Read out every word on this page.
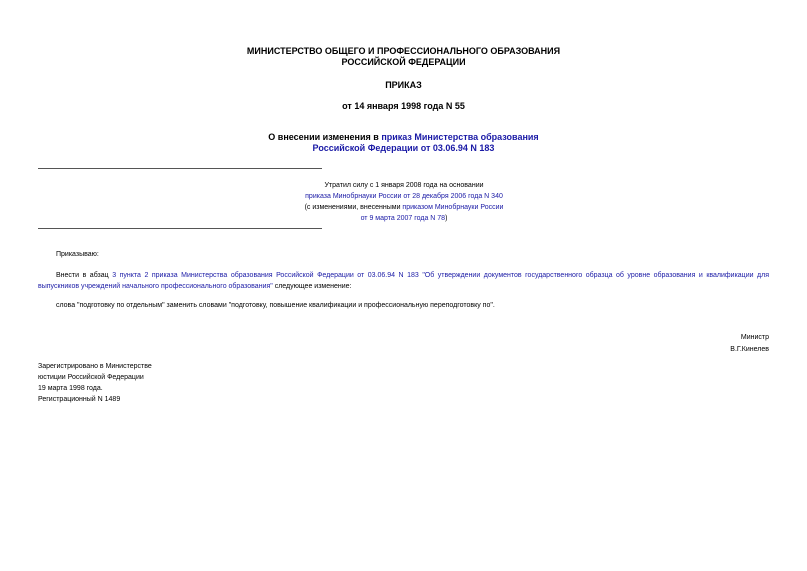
МИНИСТЕРСТВО ОБЩЕГО И ПРОФЕССИОНАЛЬНОГО ОБРАЗОВАНИЯ
РОССИЙСКОЙ ФЕДЕРАЦИИ
ПРИКАЗ
от 14 января 1998 года N 55
О внесении изменения в приказ Министерства образования
Российской Федерации от 03.06.94 N 183
Утратил силу с 1 января 2008 года на основании
приказа Минобрнауки России от 28 декабря 2006 года N 340
(с изменениями, внесенными приказом Минобрнауки России
от 9 марта 2007 года N 78)
Приказываю:
Внести в абзац 3 пункта 2 приказа Министерства образования Российской Федерации от 03.06.94 N 183 "Об утверждении документов государственного образца об уровне образования и квалификации для выпускников учреждений начального профессионального образования" следующее изменение:
слова "подготовку по отдельным" заменить словами "подготовку, повышение квалификации и профессиональную переподготовку по".
Министр
В.Г.Кинелев
Зарегистрировано в Министерстве
юстиции Российской Федерации
19 марта 1998 года.
Регистрационный N 1489
